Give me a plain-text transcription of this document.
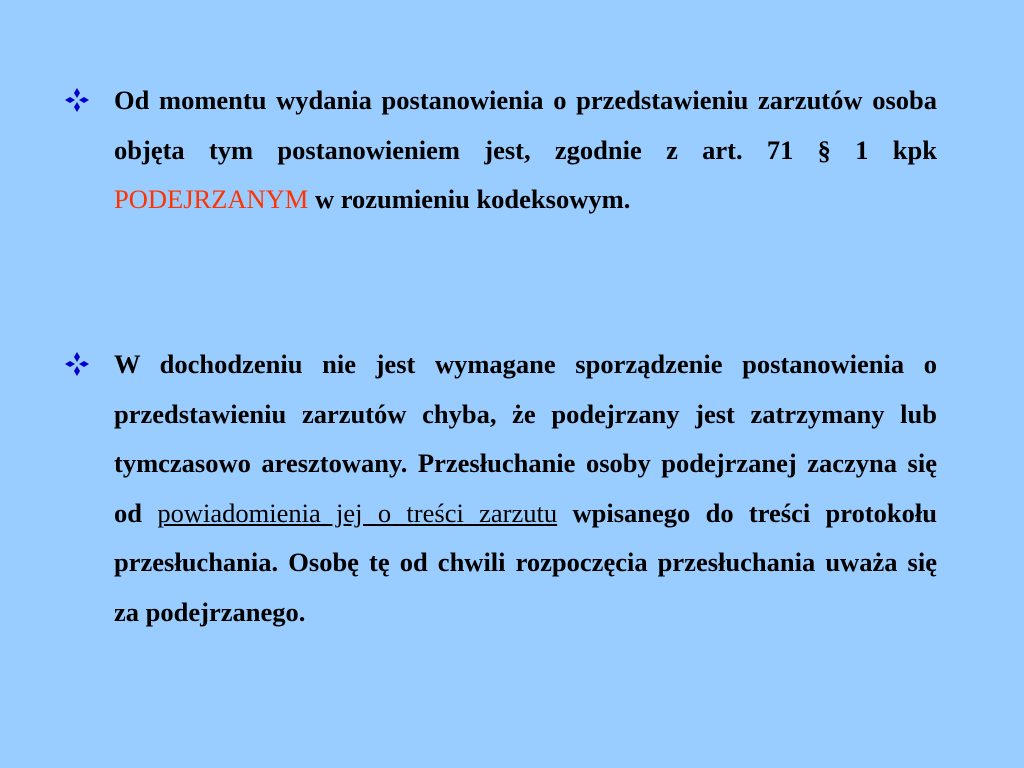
Od momentu wydania postanowienia o przedstawieniu zarzutów osoba objęta tym postanowieniem jest, zgodnie z art. 71 § 1 kpk PODEJRZANYM w rozumieniu kodeksowym.
W dochodzeniu nie jest wymagane sporządzenie postanowienia o przedstawieniu zarzutów chyba, że podejrzany jest zatrzymany lub tymczasowo aresztowany. Przesłuchanie osoby podejrzanej zaczyna się od powiadomienia jej o treści zarzutu wpisanego do treści protokołu przesłuchania. Osobę tę od chwili rozpoczęcia przesłuchania uważa się za podejrzanego.
